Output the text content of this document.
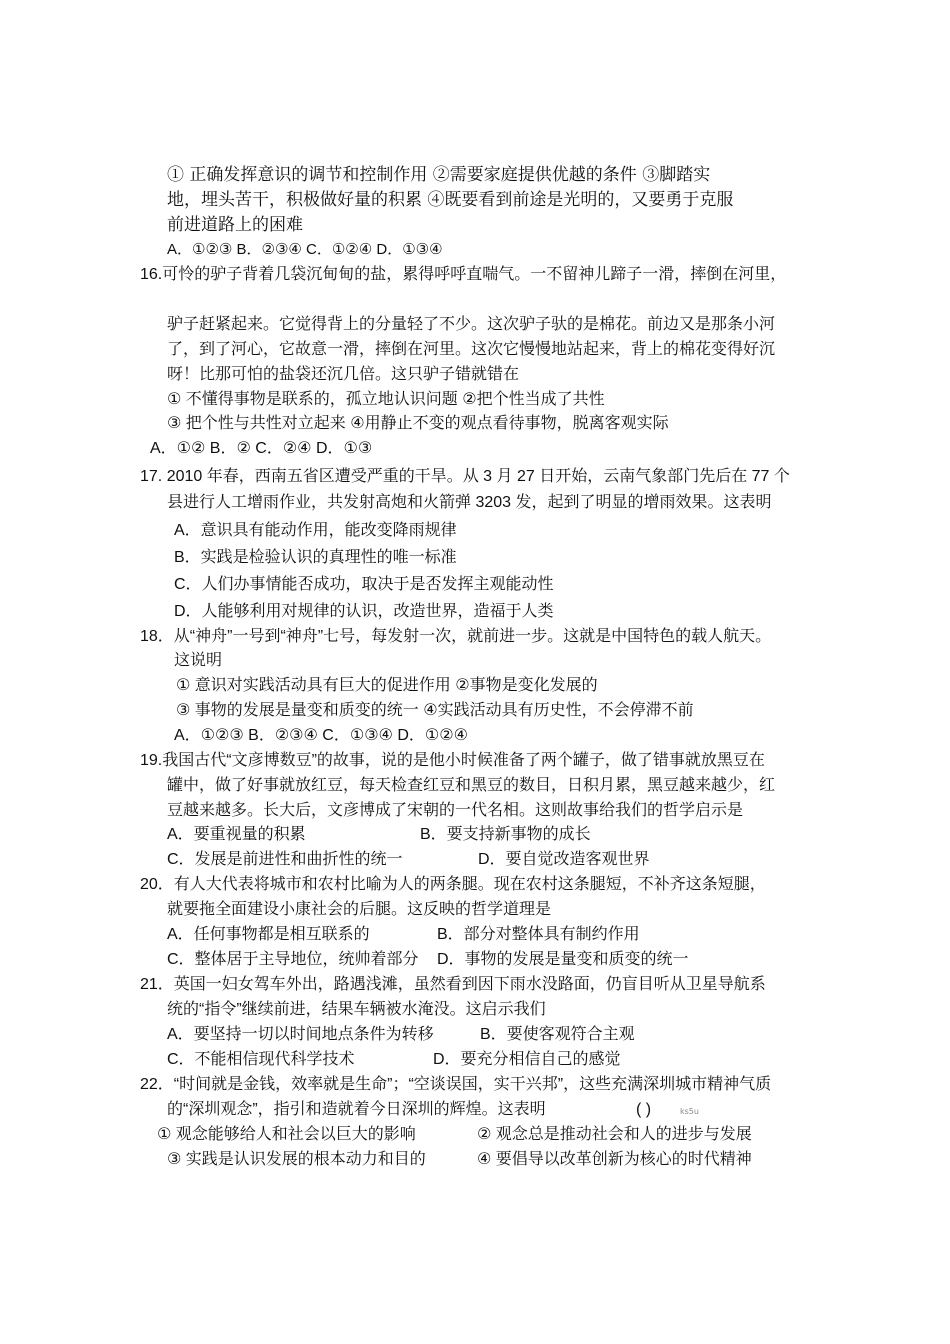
① 正确发挥意识的调节和控制作用 ②需要家庭提供优越的条件 ③脚踏实
地，埋头苦干，积极做好量的积累 ④既要看到前途是光明的，又要勇于克服
前进道路上的困难
A．①②③ B．②③④ C．①②④ D．①③④
16.可怜的驴子背着几袋沉甸甸的盐，累得呼呼直喘气。一不留神儿蹄子一滑，摔倒在河里，
驴子赶紧起来。它觉得背上的分量轻了不少。这次驴子驮的是棉花。前边又是那条小河
了，到了河心，它故意一滑，摔倒在河里。这次它慢慢地站起来，背上的棉花变得好沉
呀！比那可怕的盐袋还沉几倍。这只驴子错就错在
① 不懂得事物是联系的，孤立地认识问题 ②把个性当成了共性
③ 把个性与共性对立起来 ④用静止不变的观点看待事物，脱离客观实际
A．①② B．② C．②④ D．①③
17. 2010 年春，西南五省区遭受严重的干旱。从 3 月 27 日开始，云南气象部门先后在 77 个
县进行人工增雨作业，共发射高炮和火箭弹 3203 发，起到了明显的增雨效果。这表明
A．意识具有能动作用，能改变降雨规律
B．实践是检验认识的真理性的唯一标准
C．人们办事情能否成功，取决于是否发挥主观能动性
D．人能够利用对规律的认识，改造世界，造福于人类
18．从“神舟”一号到“神舟”七号，每发射一次，就前进一步。这就是中国特色的载人航天。
这说明
① 意识对实践活动具有巨大的促进作用 ②事物是变化发展的
③ 事物的发展是量变和质变的统一 ④实践活动具有历史性，不会停滞不前
A．①②③ B．②③④ C．①③④ D．①②④
19.我国古代“文彦博数豆”的故事，说的是他小时候准备了两个罐子，做了错事就放黑豆在
罐中，做了好事就放红豆，每天检查红豆和黑豆的数目，日积月累，黑豆越来越少，红
豆越来越多。长大后，文彦博成了宋朝的一代名相。这则故事给我们的哲学启示是
A．要重视量的积累	B．要支持新事物的成长
C．发展是前进性和曲折性的统一	D．要自觉改造客观世界
20．有人大代表将城市和农村比喻为人的两条腿。现在农村这条腿短，不补齐这条短腿，
就要拖全面建设小康社会的后腿。这反映的哲学道理是
A．任何事物都是相互联系的	B．部分对整体具有制约作用
C．整体居于主导地位，统帅着部分 D．事物的发展是量变和质变的统一
21．英国一妇女驾车外出，路遇浅滩，虽然看到因下雨水没路面，仍盲目听从卫星导航系
统的“指令”继续前进，结果车辆被水淹没。这启示我们
A．要坚持一切以时间地点条件为转移	B．要使客观符合主观
C．不能相信现代科学技术	D．要充分相信自己的感觉
22．“时间就是金钱，效率就是生命”；“空谈误国，实干兴邦”，这些充满深圳城市精神气质
的“深圳观念”，指引和造就着今日深圳的辉煌。这表明	( )	ks5u
① 观念能够给人和社会以巨大的影响	② 观念总是推动社会和人的进步与发展
③ 实践是认识发展的根本动力和目的	④ 要倡导以改革创新为核心的时代精神
